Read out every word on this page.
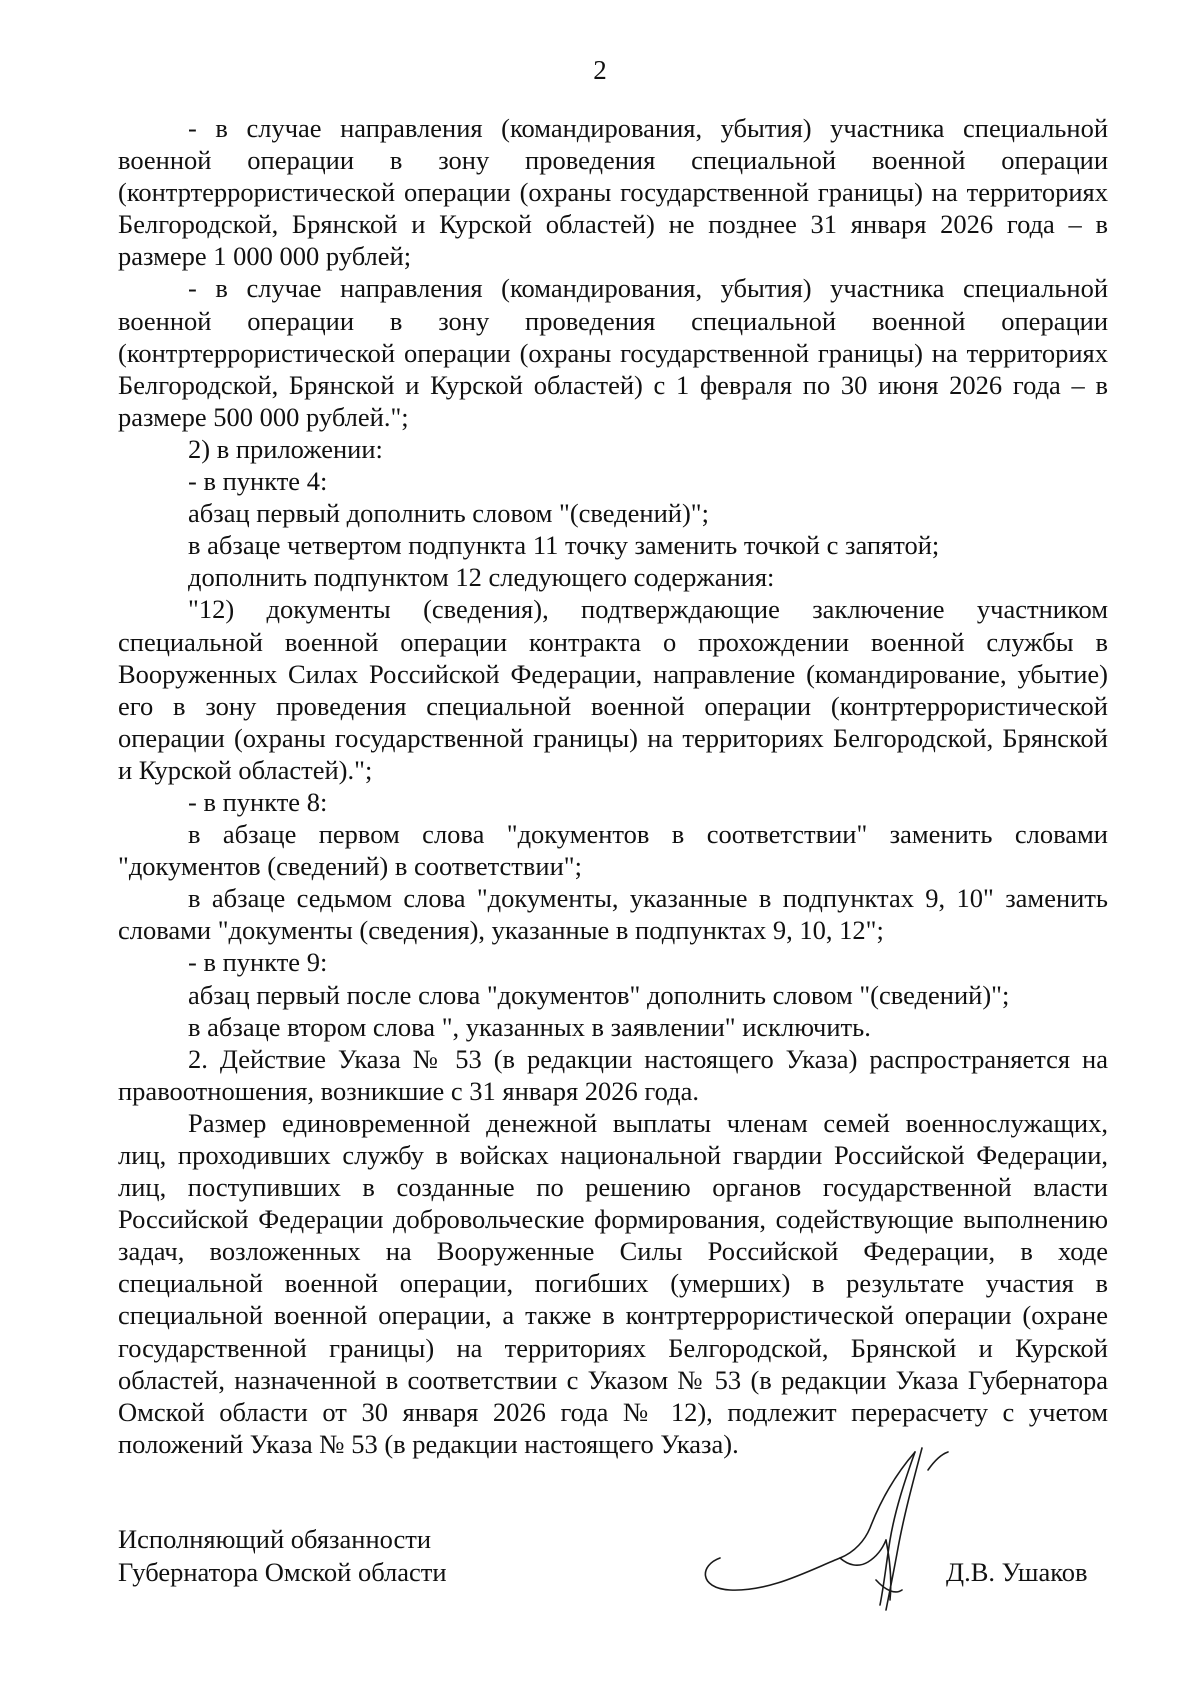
2

- в случае направления (командирования, убытия) участника специальной военной операции в зону проведения специальной военной операции (контртеррористической операции (охраны государственной границы) на территориях Белгородской, Брянской и Курской областей) не позднее 31 января 2026 года – в размере 1 000 000 рублей;

- в случае направления (командирования, убытия) участника специальной военной операции в зону проведения специальной военной операции (контртеррористической операции (охраны государственной границы) на территориях Белгородской, Брянской и Курской областей) с 1 февраля по 30 июня 2026 года – в размере 500 000 рублей.";

2) в приложении:

- в пункте 4:

абзац первый дополнить словом "(сведений)";

в абзаце четвертом подпункта 11 точку заменить точкой с запятой;

дополнить подпунктом 12 следующего содержания:

"12) документы (сведения), подтверждающие заключение участником специальной военной операции контракта о прохождении военной службы в Вооруженных Силах Российской Федерации, направление (командирование, убытие) его в зону проведения специальной военной операции (контртеррористической операции (охраны государственной границы) на территориях Белгородской, Брянской и Курской областей).";

- в пункте 8:

в абзаце первом слова "документов в соответствии" заменить словами "документов (сведений) в соответствии";

в абзаце седьмом слова "документы, указанные в подпунктах 9, 10" заменить словами "документы (сведения), указанные в подпунктах 9, 10, 12";

- в пункте 9:

абзац первый после слова "документов" дополнить словом "(сведений)";

в абзаце втором слова ", указанных в заявлении" исключить.

2. Действие Указа № 53 (в редакции настоящего Указа) распространяется на правоотношения, возникшие с 31 января 2026 года.

Размер единовременной денежной выплаты членам семей военнослужащих, лиц, проходивших службу в войсках национальной гвардии Российской Федерации, лиц, поступивших в созданные по решению органов государственной власти Российской Федерации добровольческие формирования, содействующие выполнению задач, возложенных на Вооруженные Силы Российской Федерации, в ходе специальной военной операции, погибших (умерших) в результате участия в специальной военной операции, а также в контртеррористической операции (охране государственной границы) на территориях Белгородской, Брянской и Курской областей, назначенной в соответствии с Указом № 53 (в редакции Указа Губернатора Омской области от 30 января 2026 года № 12), подлежит перерасчету с учетом положений Указа № 53 (в редакции настоящего Указа).

Исполняющий обязанности
Губернатора Омской области	Д.В. Ушаков
